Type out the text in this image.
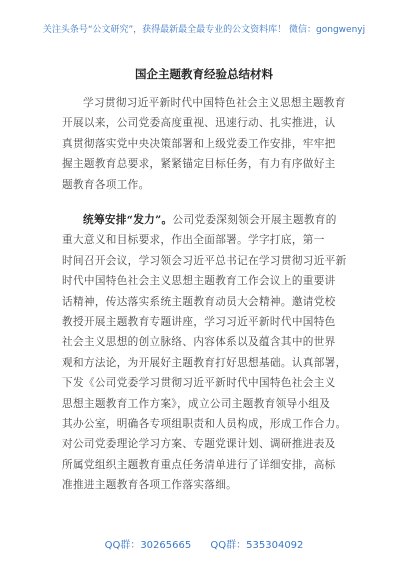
关注头条号“公文研究”，获得最新最全最专业的公文资料库！ 微信：gongwenyj
国企主题教育经验总结材料
学习贯彻习近平新时代中国特色社会主义思想主题教育
开展以来，公司党委高度重视、迅速行动、扎实推进，认
真贯彻落实党中央决策部署和上级党委工作安排，牢牢把
握主题教育总要求，紧紧锚定目标任务，有力有序做好主
题教育各项工作。
统筹安排“发力”。公司党委深刻领会开展主题教育的
重大意义和目标要求，作出全面部署。学字打底，第一
时间召开会议，学习领会习近平总书记在学习贯彻习近平新
时代中国特色社会主义思想主题教育工作会议上的重要讲
话精神，传达落实系统主题教育动员大会精神。邀请党校
教授开展主题教育专题讲座，学习习近平新时代中国特色
社会主义思想的创立脉络、内容体系以及蕴含其中的世界
观和方法论，为开展好主题教育打好思想基础。认真部署，
下发《公司党委学习贯彻习近平新时代中国特色社会主义
思想主题教育工作方案》，成立公司主题教育领导小组及
其办公室，明确各专项组职责和人员构成，形成工作合力。
对公司党委理论学习方案、专题党课计划、调研推进表及
所属党组织主题教育重点任务清单进行了详细安排，高标
准推进主题教育各项工作落实落细。
QQ群：30265665 QQ群：535304092
